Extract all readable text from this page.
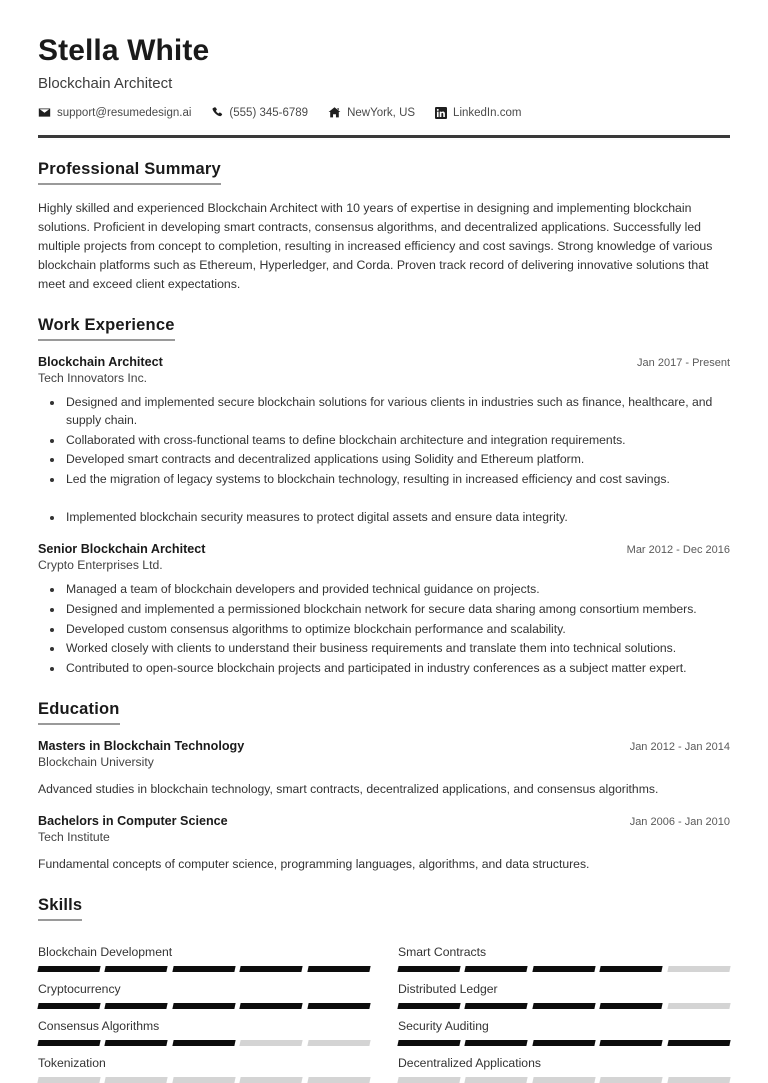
Stella White
Blockchain Architect
support@resumedesign.ai	(555) 345-6789	NewYork, US	LinkedIn.com
Professional Summary

Highly skilled and experienced Blockchain Architect with 10 years of expertise in designing and implementing blockchain solutions. Proficient in developing smart contracts, consensus algorithms, and decentralized applications. Successfully led multiple projects from concept to completion, resulting in increased efficiency and cost savings. Strong knowledge of various blockchain platforms such as Ethereum, Hyperledger, and Corda. Proven track record of delivering innovative solutions that meet and exceed client expectations.

Work Experience
Blockchain Architect	Jan 2017 - Present
Tech Innovators Inc.
• Designed and implemented secure blockchain solutions for various clients in industries such as finance, healthcare, and supply chain.
• Collaborated with cross-functional teams to define blockchain architecture and integration requirements.
• Developed smart contracts and decentralized applications using Solidity and Ethereum platform.
• Led the migration of legacy systems to blockchain technology, resulting in increased efficiency and cost savings.
• Implemented blockchain security measures to protect digital assets and ensure data integrity.
Senior Blockchain Architect	Mar 2012 - Dec 2016
Crypto Enterprises Ltd.
• Managed a team of blockchain developers and provided technical guidance on projects.
• Designed and implemented a permissioned blockchain network for secure data sharing among consortium members.
• Developed custom consensus algorithms to optimize blockchain performance and scalability.
• Worked closely with clients to understand their business requirements and translate them into technical solutions.
• Contributed to open-source blockchain projects and participated in industry conferences as a subject matter expert.
Education
Masters in Blockchain Technology	Jan 2012 - Jan 2014
Blockchain University
Advanced studies in blockchain technology, smart contracts, decentralized applications, and consensus algorithms.
Bachelors in Computer Science	Jan 2006 - Jan 2010
Tech Institute
Fundamental concepts of computer science, programming languages, algorithms, and data structures.
Skills
Blockchain Development	Smart Contracts
Cryptocurrency	Distributed Ledger
Consensus Algorithms	Security Auditing
Tokenization	Decentralized Applications
